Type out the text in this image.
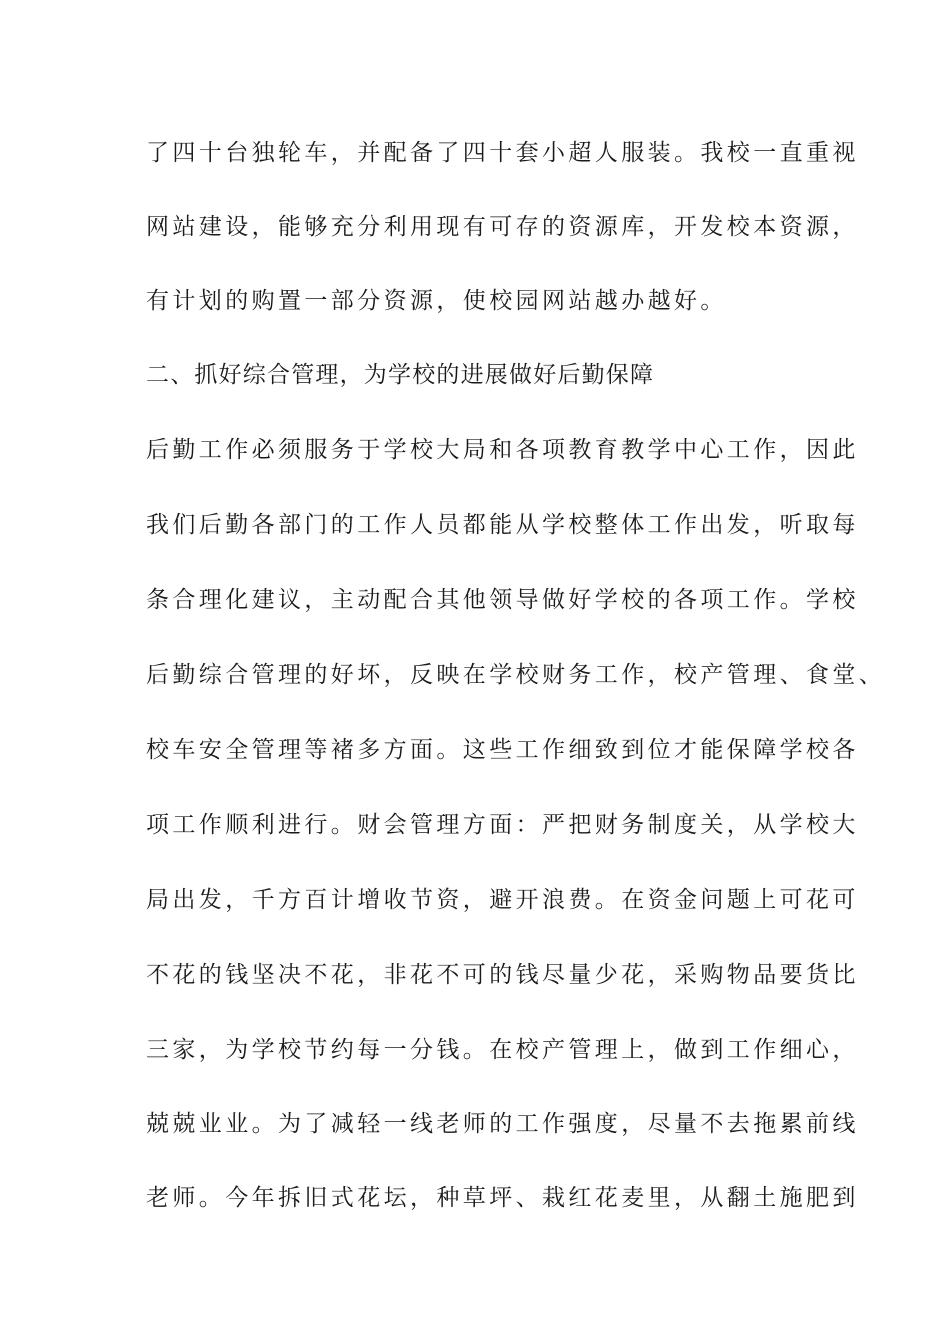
了四十台独轮车，并配备了四十套小超人服装。我校一直重视
网站建设，能够充分利用现有可存的资源库，开发校本资源，
有计划的购置一部分资源，使校园网站越办越好。
二、抓好综合管理，为学校的进展做好后勤保障
后勤工作必须服务于学校大局和各项教育教学中心工作，因此
我们后勤各部门的工作人员都能从学校整体工作出发，听取每
条合理化建议，主动配合其他领导做好学校的各项工作。学校
后勤综合管理的好坏，反映在学校财务工作，校产管理、食堂、
校车安全管理等褚多方面。这些工作细致到位才能保障学校各
项工作顺利进行。财会管理方面：严把财务制度关，从学校大
局出发，千方百计增收节资，避开浪费。在资金问题上可花可
不花的钱坚决不花，非花不可的钱尽量少花，采购物品要货比
三家，为学校节约每一分钱。在校产管理上，做到工作细心，
兢兢业业。为了减轻一线老师的工作强度，尽量不去拖累前线
老师。今年拆旧式花坛，种草坪、栽红花麦里，从翻土施肥到
